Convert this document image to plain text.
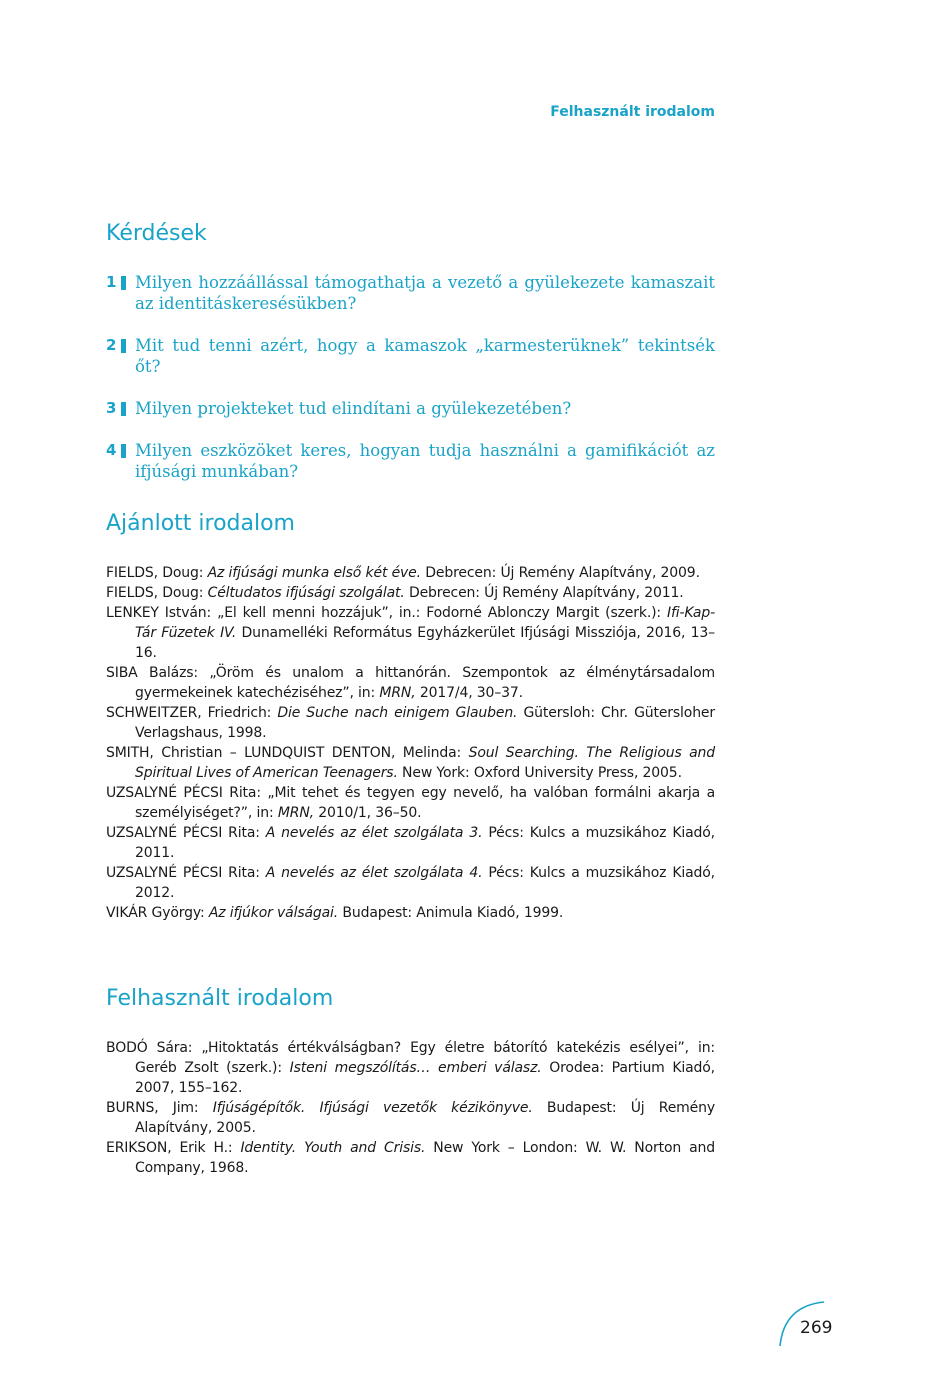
Felhasznált irodalom
Kérdések
1 Milyen hozzáállással támogathatja a vezető a gyülekezete kamaszait az identitáskeresésükben?
2 Mit tud tenni azért, hogy a kamaszok „karmesterüknek” tekintsék őt?
3 Milyen projekteket tud elindítani a gyülekezetében?
4 Milyen eszközöket keres, hogyan tudja használni a gamifikációt az ifjúsági munkában?
Ajánlott irodalom
FIELDS, Doug: Az ifjúsági munka első két éve. Debrecen: Új Remény Alapítvány, 2009.
FIELDS, Doug: Céltudatos ifjúsági szolgálat. Debrecen: Új Remény Alapítvány, 2011.
LENKEY István: „El kell menni hozzájuk”, in.: Fodorné Ablonczy Margit (szerk.): Ifi-Kap-Tár Füzetek IV. Dunamelléki Református Egyházkerület Ifjúsági Missziója, 2016, 13– 16.
SIBA Balázs: „Öröm és unalom a hittanórán. Szempontok az élménytársadalom gyermekeinek katechéziséhez”, in: MRN, 2017/4, 30–37.
SCHWEITZER, Friedrich: Die Suche nach einigem Glauben. Gütersloh: Chr. Gütersloher Verlagshaus, 1998.
SMITH, Christian – LUNDQUIST DENTON, Melinda: Soul Searching. The Religious and Spiritual Lives of American Teenagers. New York: Oxford University Press, 2005.
UZSALYNÉ PÉCSI Rita: „Mit tehet és tegyen egy nevelő, ha valóban formálni akarja a személyiséget?”, in: MRN, 2010/1, 36–50.
UZSALYNÉ PÉCSI Rita: A nevelés az élet szolgálata 3. Pécs: Kulcs a muzsikához Kiadó, 2011.
UZSALYNÉ PÉCSI Rita: A nevelés az élet szolgálata 4. Pécs: Kulcs a muzsikához Kiadó, 2012.
VIKÁR György: Az ifjúkor válságai. Budapest: Animula Kiadó, 1999.
Felhasznált irodalom
BODÓ Sára: „Hitoktatás értékválságban? Egy életre bátorító katekézis esélyei”, in: Geréb Zsolt (szerk.): Isteni megszólítás… emberi válasz. Orodea: Partium Kiadó, 2007, 155–162.
BURNS, Jim: Ifjúságépítők. Ifjúsági vezetők kézikönyve. Budapest: Új Remény Alapítvány, 2005.
ERIKSON, Erik H.: Identity. Youth and Crisis. New York – London: W. W. Norton and Company, 1968.
269
